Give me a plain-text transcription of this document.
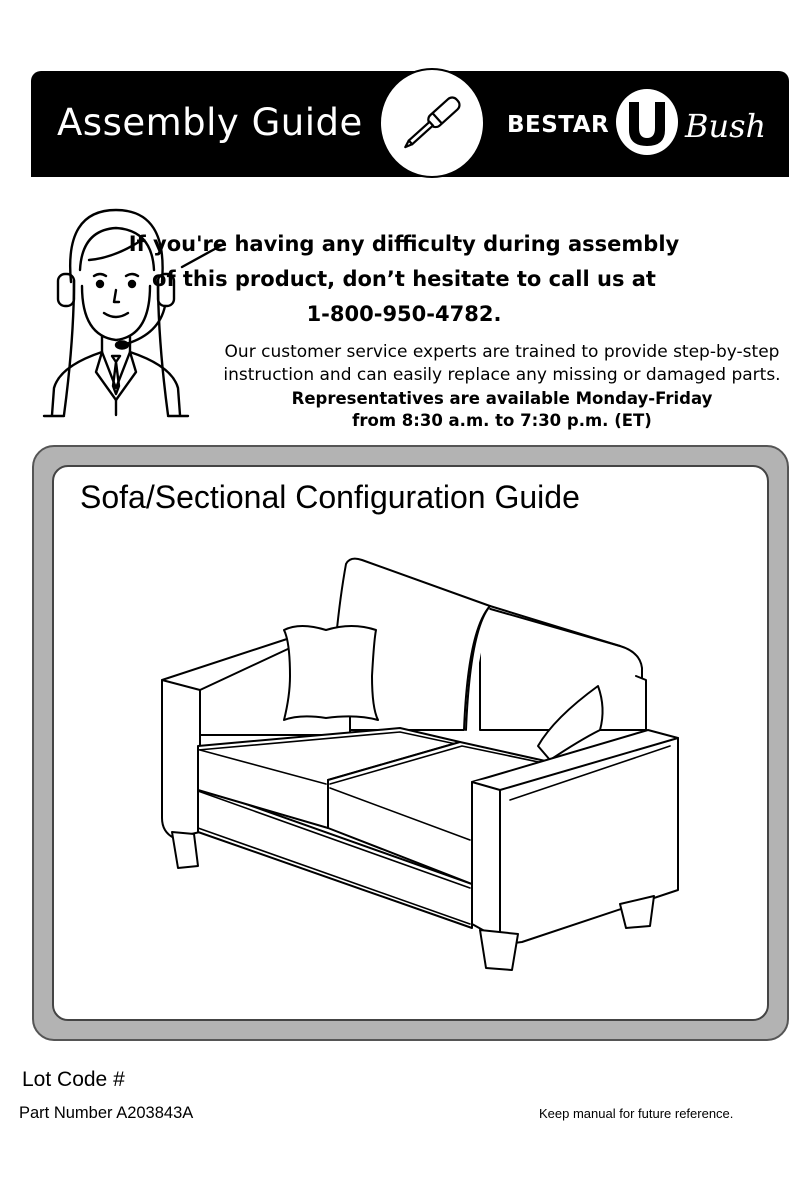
Assembly Guide	BESTAR Bush
If you're having any difficulty during assembly
of this product, don’t hesitate to call us at
1-800-950-4782.
Our customer service experts are trained to provide step-by-step
instruction and can easily replace any missing or damaged parts.
Representatives are available Monday-Friday
from 8:30 a.m. to 7:30 p.m. (ET)
Sofa/Sectional Configuration Guide
Lot Code #
Part Number A203843A	Keep manual for future reference.
